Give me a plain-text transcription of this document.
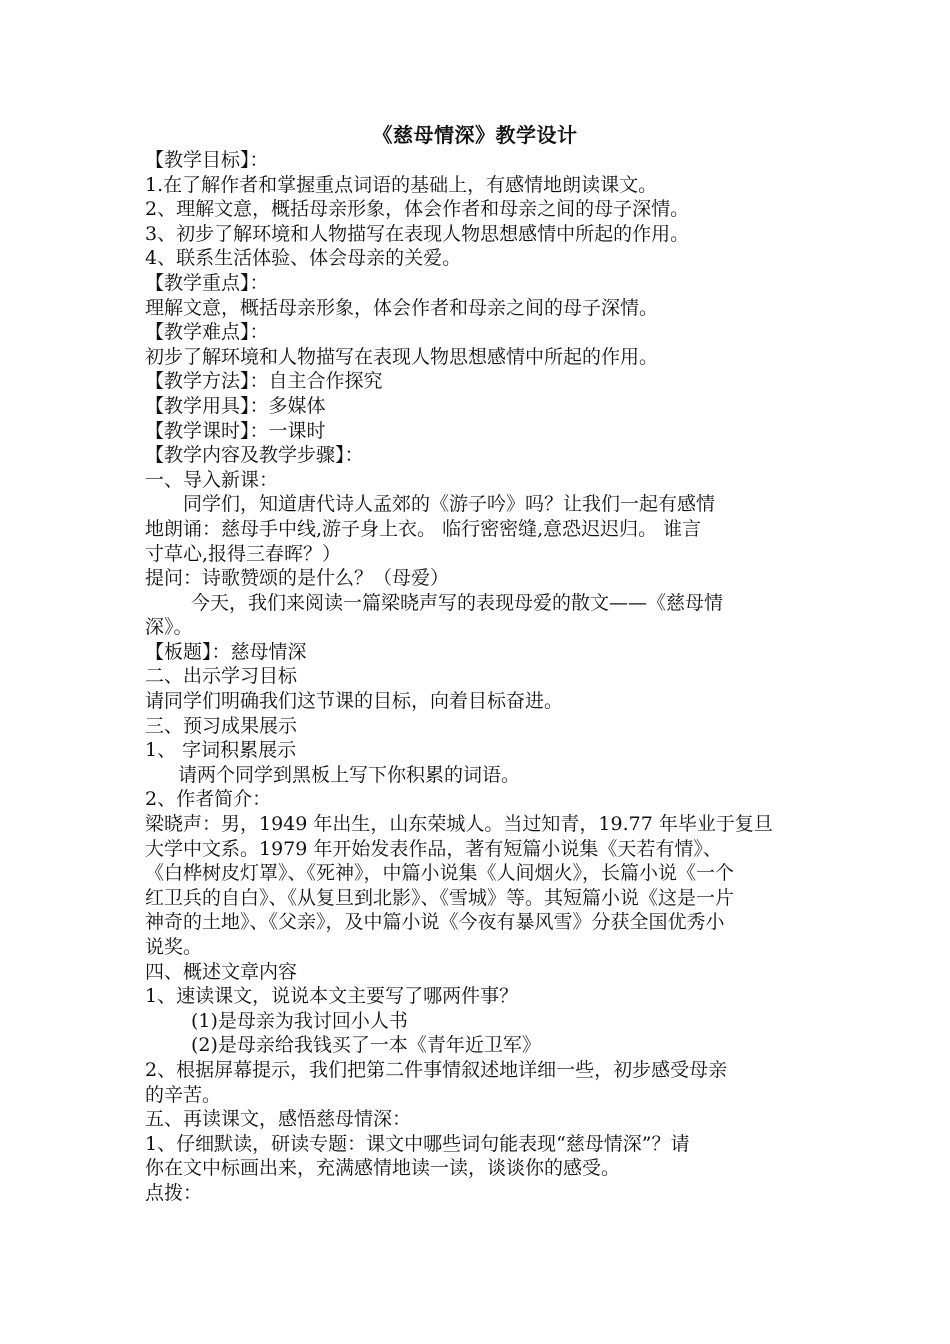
《慈母情深》教学设计
【教学目标】：
1.在了解作者和掌握重点词语的基础上，有感情地朗读课文。
2、理解文意，概括母亲形象，体会作者和母亲之间的母子深情。
3、初步了解环境和人物描写在表现人物思想感情中所起的作用。
4、联系生活体验、体会母亲的关爱。
【教学重点】：
理解文意，概括母亲形象，体会作者和母亲之间的母子深情。
【教学难点】：
初步了解环境和人物描写在表现人物思想感情中所起的作用。
【教学方法】：自主合作探究
【教学用具】：多媒体
【教学课时】：一课时
【教学内容及教学步骤】：
一、导入新课：
同学们，知道唐代诗人孟郊的《游子吟》吗？让我们一起有感情
地朗诵：慈母手中线,游子身上衣。 临行密密缝,意恐迟迟归。 谁言
寸草心,报得三春晖？）
提问：诗歌赞颂的是什么？（母爱）
今天，我们来阅读一篇梁晓声写的表现母爱的散文——《慈母情
深》。
【板题】：慈母情深
二、出示学习目标
请同学们明确我们这节课的目标，向着目标奋进。
三、预习成果展示
1、 字词积累展示
请两个同学到黑板上写下你积累的词语。
2、作者简介：
梁晓声：男，1949 年出生，山东荣城人。当过知青，19.77 年毕业于复旦
大学中文系。1979 年开始发表作品，著有短篇小说集《天若有情》、
《白桦树皮灯罩》、《死神》，中篇小说集《人间烟火》，长篇小说《一个
红卫兵的自白》、《从复旦到北影》、《雪城》等。其短篇小说《这是一片
神奇的土地》、《父亲》，及中篇小说《今夜有暴风雪》分获全国优秀小
说奖。
四、概述文章内容
1、速读课文，说说本文主要写了哪两件事？
(1)是母亲为我讨回小人书
(2)是母亲给我钱买了一本《青年近卫军》
2、根据屏幕提示，我们把第二件事情叙述地详细一些，初步感受母亲
的辛苦。
五、再读课文，感悟慈母情深：
1、仔细默读，研读专题：课文中哪些词句能表现“慈母情深”？请
你在文中标画出来，充满感情地读一读，谈谈你的感受。
点拨：
